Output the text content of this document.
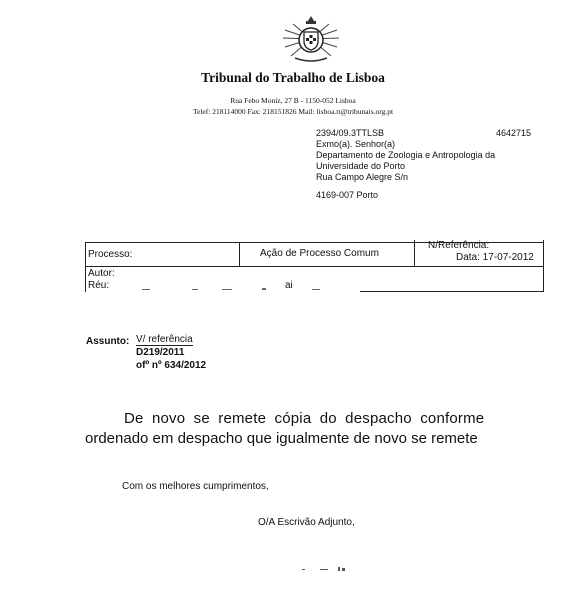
Tribunal do Trabalho de Lisboa
Rua Febo Moniz, 27 B - 1150-052 Lisboa
Telef: 218114000 Fax: 218151826 Mail: lisboa.tt@tribunais.org.pt
2394/09.3TTLSB	4642715
Exmo(a). Senhor(a)
Departamento de Zoologia e Antropologia da
Universidade do Porto
Rua Campo Alegre S/n
4169-007 Porto
Processo:	Ação de Processo Comum
N/Referência:
Data: 17-07-2012
Autor:
Réu:	ai
Assunto: V/ referência
D219/2011
ofº nº 634/2012
De novo se remete cópia do despacho conforme
ordenado em despacho que igualmente de novo se remete
Com os melhores cumprimentos,
O/A Escrivão Adjunto,
